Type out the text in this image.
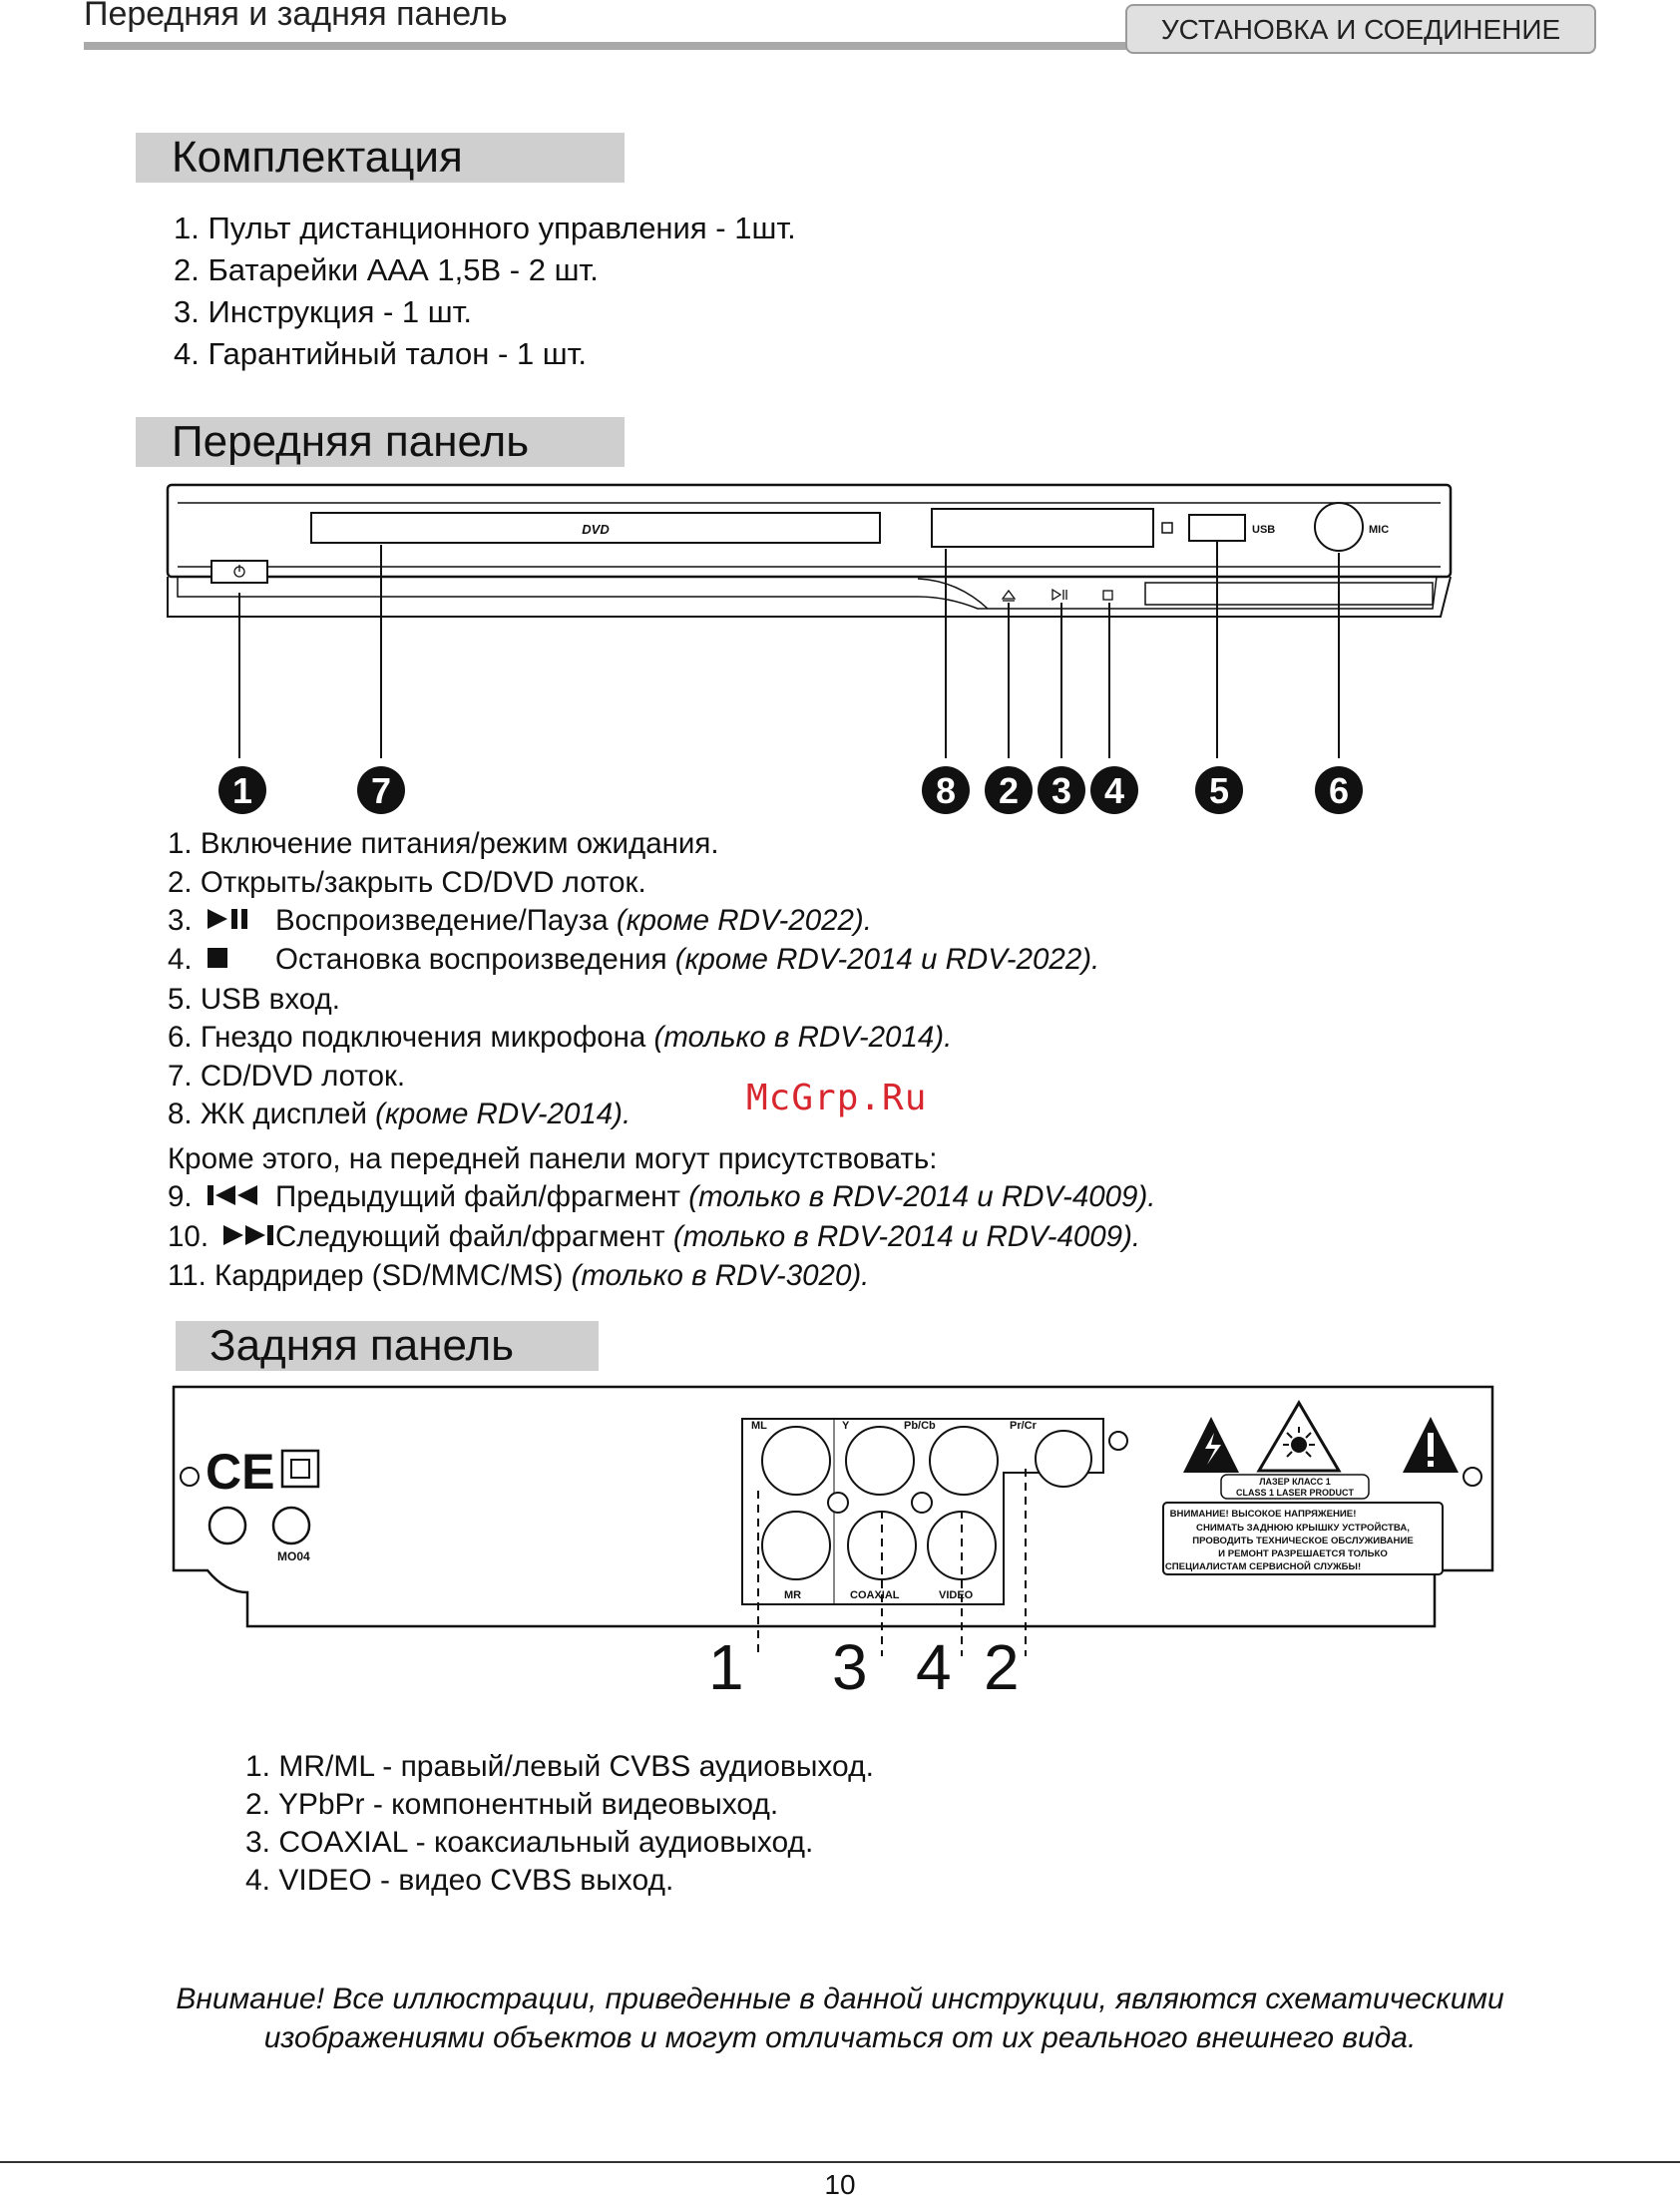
Передняя и задняя панель	УСТАНОВКА И СОЕДИНЕНИЕ
Комплектация
1. Пульт дистанционного управления - 1шт.
2. Батарейки ААА 1,5В - 2 шт.
3. Инструкция - 1 шт.
4. Гарантийный талон - 1 шт.
Передняя панель
DVD	USB	MIC
1	7	8 2 3 4 5	6
1. Включение питания/режим ожидания.
2. Открыть/закрыть CD/DVD лоток.
3.	Воспроизведение/Пауза (кроме RDV-2022).
4.	Остановка воспроизведения (кроме RDV-2014 и RDV-2022).
5. USB вход.
6. Гнездо подключения микрофона (только в RDV-2014).
7. CD/DVD лоток.
8. ЖК дисплей (кроме RDV-2014).
Кроме этого, на передней панели могут присутствовать:
9.	Предыдущий файл/фрагмент (только в RDV-2014 и RDV-4009).
10. Следующий файл/фрагмент (только в RDV-2014 и RDV-4009).
11. Кардридер (SD/MMC/MS) (только в RDV-3020).
McGrp.Ru
Задняя панель
CE
МО04
ML	Y	Pb/Cb	Pr/Cr
MR	COAXIAL	VIDEO
ЛАЗЕР КЛАСС 1
CLASS 1 LASER PRODUCT
ВНИМАНИЕ! ВЫСОКОЕ НАПРЯЖЕНИЕ!
СНИМАТЬ ЗАДНЮЮ КРЫШКУ УСТРОЙСТВА,
ПРОВОДИТЬ ТЕХНИЧЕСКОЕ ОБСЛУЖИВАНИЕ
И РЕМОНТ РАЗРЕШАЕТСЯ ТОЛЬКО
СПЕЦИАЛИСТАМ СЕРВИСНОЙ СЛУЖБЫ!
1 3 4 2
1. MR/ML - правый/левый CVBS аудиовыход.
2. YPbPr - компонентный видеовыход.
3. COAXIAL - коаксиальный аудиовыход.
4. VIDEO - видео CVBS выход.
Внимание! Все иллюстрации, приведенные в данной инструкции, являются схематическими
изображениями объектов и могут отличаться от их реального внешнего вида.
10
